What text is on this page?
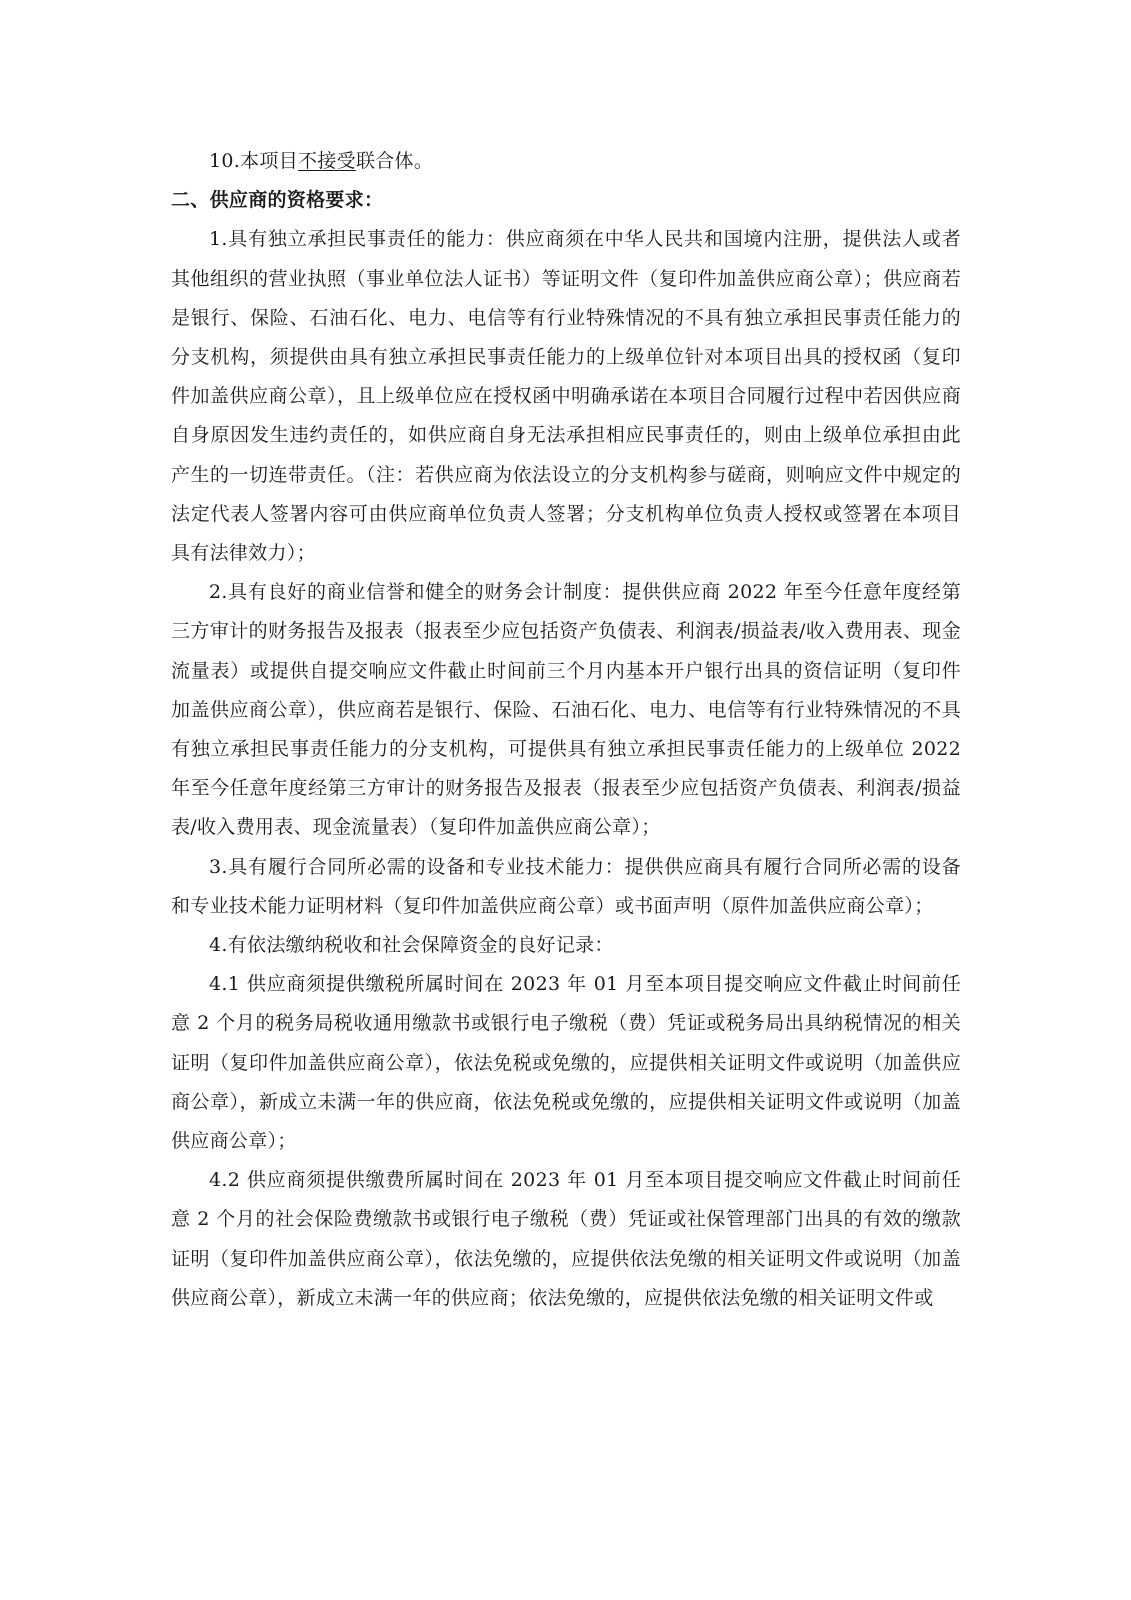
10.本项目不接受联合体。

二、供应商的资格要求：

1.具有独立承担民事责任的能力：供应商须在中华人民共和国境内注册，提供法人或者其他组织的营业执照（事业单位法人证书）等证明文件（复印件加盖供应商公章）；供应商若是银行、保险、石油石化、电力、电信等有行业特殊情况的不具有独立承担民事责任能力的分支机构，须提供由具有独立承担民事责任能力的上级单位针对本项目出具的授权函（复印件加盖供应商公章），且上级单位应在授权函中明确承诺在本项目合同履行过程中若因供应商自身原因发生违约责任的，如供应商自身无法承担相应民事责任的，则由上级单位承担由此产生的一切连带责任。（注：若供应商为依法设立的分支机构参与磋商，则响应文件中规定的法定代表人签署内容可由供应商单位负责人签署；分支机构单位负责人授权或签署在本项目具有法律效力）；

2.具有良好的商业信誉和健全的财务会计制度：提供供应商 2022 年至今任意年度经第三方审计的财务报告及报表（报表至少应包括资产负债表、利润表/损益表/收入费用表、现金流量表）或提供自提交响应文件截止时间前三个月内基本开户银行出具的资信证明（复印件加盖供应商公章），供应商若是银行、保险、石油石化、电力、电信等有行业特殊情况的不具有独立承担民事责任能力的分支机构，可提供具有独立承担民事责任能力的上级单位 2022 年至今任意年度经第三方审计的财务报告及报表（报表至少应包括资产负债表、利润表/损益表/收入费用表、现金流量表）（复印件加盖供应商公章）；

3.具有履行合同所必需的设备和专业技术能力：提供供应商具有履行合同所必需的设备和专业技术能力证明材料（复印件加盖供应商公章）或书面声明（原件加盖供应商公章）；

4.有依法缴纳税收和社会保障资金的良好记录：

4.1 供应商须提供缴税所属时间在 2023 年 01 月至本项目提交响应文件截止时间前任意 2 个月的税务局税收通用缴款书或银行电子缴税（费）凭证或税务局出具纳税情况的相关证明（复印件加盖供应商公章），依法免税或免缴的，应提供相关证明文件或说明（加盖供应商公章），新成立未满一年的供应商，依法免税或免缴的，应提供相关证明文件或说明（加盖供应商公章）；

4.2 供应商须提供缴费所属时间在 2023 年 01 月至本项目提交响应文件截止时间前任意 2 个月的社会保险费缴款书或银行电子缴税（费）凭证或社保管理部门出具的有效的缴款证明（复印件加盖供应商公章），依法免缴的，应提供依法免缴的相关证明文件或说明（加盖供应商公章），新成立未满一年的供应商；依法免缴的，应提供依法免缴的相关证明文件或
